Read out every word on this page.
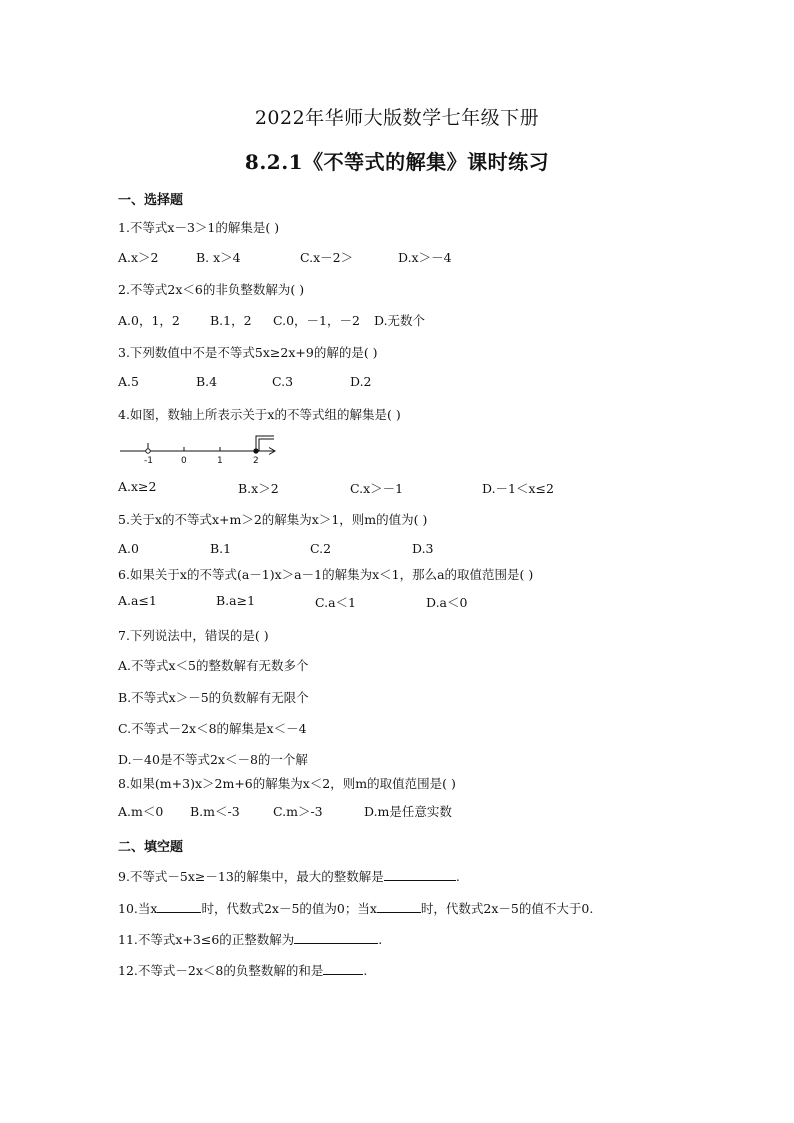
2022年华师大版数学七年级下册
8.2.1《不等式的解集》课时练习
一、选择题
1.不等式x－3＞1的解集是( )
A.x＞2	B. x＞4	C.x－2＞	D.x＞－4
2.不等式2x＜6的非负整数解为( )
A.0，1，2 B.1，2 C.0，－1，－2 D.无数个
3.下列数值中不是不等式5x≥2x+9的解的是( )
A.5	B.4	C.3	D.2
4.如图，数轴上所表示关于x的不等式组的解集是( )
-1	0	1	2
A.x≥2	B.x＞2	C.x＞－1	D.－1＜x≤2
5.关于x的不等式x+m＞2的解集为x＞1，则m的值为( )
A.0	B.1	C.2	D.3
6.如果关于x的不等式(a－1)x＞a－1的解集为x＜1，那么a的取值范围是( )
A.a≤1	B.a≥1	C.a＜1	D.a＜0
7.下列说法中，错误的是( )
A.不等式x＜5的整数解有无数多个
B.不等式x＞－5的负数解有无限个
C.不等式－2x＜8的解集是x＜－4
D.－40是不等式2x＜－8的一个解
8.如果(m+3)x＞2m+6的解集为x＜2，则m的取值范围是( )
A.m＜0 B.m＜-3	C.m＞-3	D.m是任意实数
二、填空题
9.不等式－5x≥－13的解集中，最大的整数解是	.
10.当x	时，代数式2x－5的值为0；当x	时，代数式2x－5的值不大于0.
11.不等式x+3≤6的正整数解为	.
12.不等式－2x＜8的负整数解的和是	.
